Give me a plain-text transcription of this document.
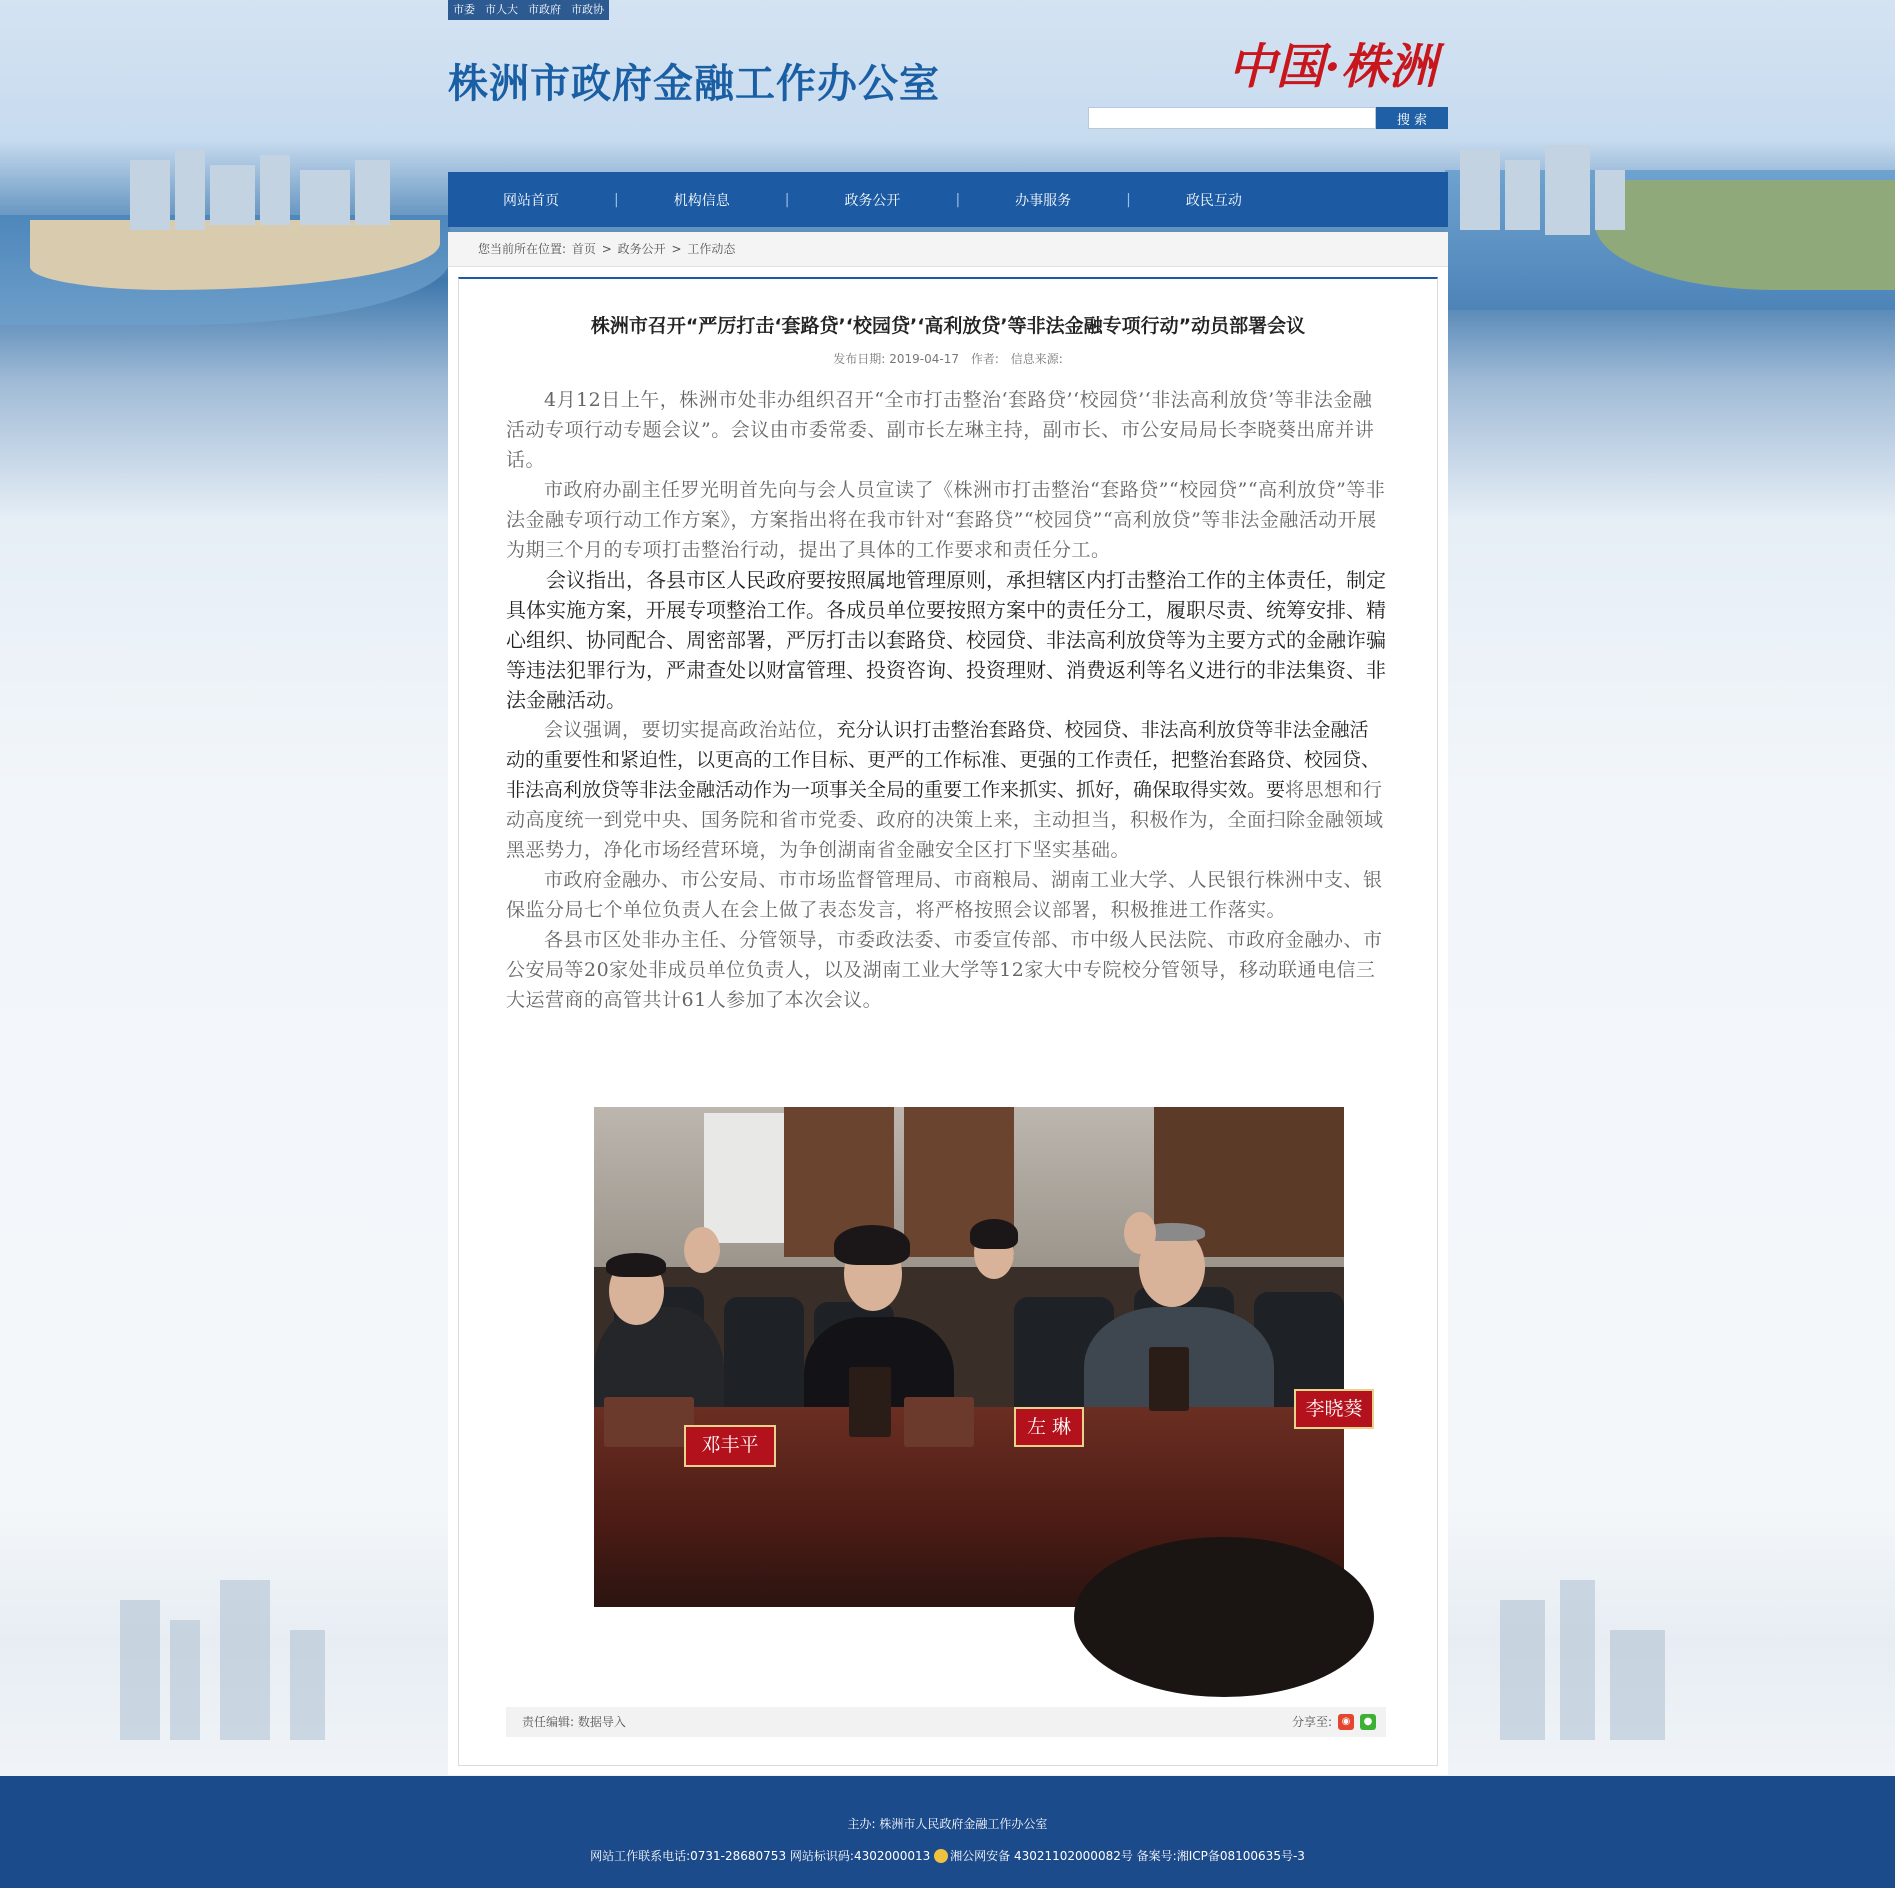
市委 市人大 市政府 市政协
株洲市政府金融工作办公室	中国·株洲
搜 索
网站首页	|	机构信息	|	政务公开	|	办事服务	|	政民互动
您当前所在位置: 首页 > 政务公开 > 工作动态
株洲市召开“严厉打击‘套路贷’‘校园贷’‘高利放贷’等非法金融专项行动”动员部署会议
发布日期: 2019-04-17 作者: 信息来源:

4月12日上午，株洲市处非办组织召开“全市打击整治‘套路贷’‘校园贷’‘非法高利放贷’等非法金融活动专项行动专题会议”。会议由市委常委、副市长左琳主持，副市长、市公安局局长李晓葵出席并讲话。

市政府办副主任罗光明首先向与会人员宣读了《株洲市打击整治“套路贷”“校园贷”“高利放贷”等非法金融专项行动工作方案》，方案指出将在我市针对“套路贷”“校园贷”“高利放贷”等非法金融活动开展为期三个月的专项打击整治行动，提出了具体的工作要求和责任分工。

会议指出，各县市区人民政府要按照属地管理原则，承担辖区内打击整治工作的主体责任，制定具体实施方案，开展专项整治工作。各成员单位要按照方案中的责任分工，履职尽责、统筹安排、精心组织、协同配合、周密部署，严厉打击以套路贷、校园贷、非法高利放贷等为主要方式的金融诈骗等违法犯罪行为，严肃查处以财富管理、投资咨询、投资理财、消费返利等名义进行的非法集资、非法金融活动。

会议强调，要切实提高政治站位，充分认识打击整治套路贷、校园贷、非法高利放贷等非法金融活动的重要性和紧迫性，以更高的工作目标、更严的工作标准、更强的工作责任，把整治套路贷、校园贷、非法高利放贷等非法金融活动作为一项事关全局的重要工作来抓实、抓好，确保取得实效。要将思想和行动高度统一到党中央、国务院和省市党委、政府的决策上来，主动担当，积极作为，全面扫除金融领域黑恶势力，净化市场经营环境，为争创湖南省金融安全区打下坚实基础。

市政府金融办、市公安局、市市场监督管理局、市商粮局、湖南工业大学、人民银行株洲中支、银保监分局七个单位负责人在会上做了表态发言，将严格按照会议部署，积极推进工作落实。

各县市区处非办主任、分管领导，市委政法委、市委宣传部、市中级人民法院、市政府金融办、市公安局等20家处非成员单位负责人，以及湖南工业大学等12家大中专院校分管领导，移动联通电信三大运营商的高管共计61人参加了本次会议。

邓丰平
左 琳
李晓葵
责任编辑: 数据导入	分享至: ◉	●
主办: 株洲市人民政府金融工作办公室
网站工作联系电话:0731-28680753 网站标识码:4302000013 湘公网安备 43021102000082号 备案号:湘ICP备08100635号-3
